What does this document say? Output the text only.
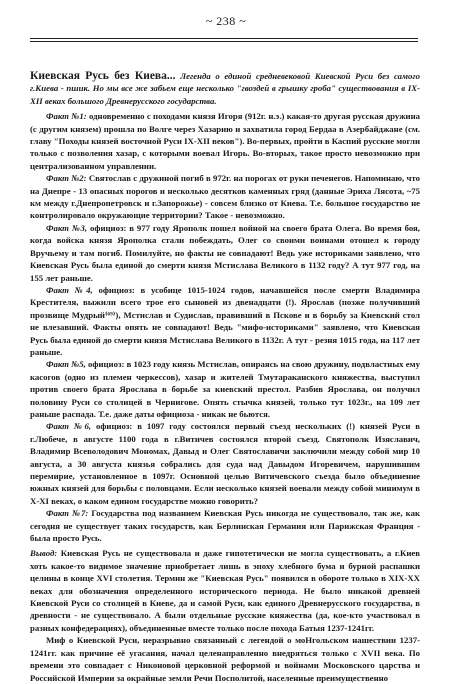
~ 238 ~

Киевская Русь без Киева... Легенда о единой средневековой Киевской Руси без самого г.Киева - пшик. Но мы все же забьем еще несколько "гвоздей в грышку гроба" существования в IX-XII веках большого Древнерусского государства.

Факт №1: одновременно с походами князя Игоря (912г. н.э.) какая-то другая русская дружина (с другим князем) прошла по Волге через Хазарию и захватила город Бердаа в Азербайджане (см. главу "Походы князей восточной Руси IX-XII веков"). Во-первых, пройти в Каспий русские могли только с позволения хазар, с которыми воевал Игорь. Во-вторых, такое просто невозможно при централизованном управлении.

Факт №2: Святослав с дружиной погиб в 972г. на порогах от руки печенегов. Напоминаю, что на Днепре - 13 опасных порогов и несколько десятков каменных гряд (данные Эриха Лясота, ~75 км между г.Днепропетровск и г.Запорожье) - совсем близко от Киева. Т.е. большое государство не контролировало окружающие территории? Такое - невозможно.

Факт №3, официоз: в 977 году Ярополк пошел войной на своего брата Олега. Во время боя, когда войска князя Ярополка стали побеждать, Олег со своими воинами отошел к городу Вручьему и там погиб. Помилуйте, но факты не совпадают! Ведь уже историками заявлено, что Киевская Русь была единой до смерти князя Мстислава Великого в 1132 году? А тут 977 год, на 155 лет раньше.

Факт №4, официоз: в усобице 1015-1024 годов, начавшейся после смерти Владимира Крестителя, выжили всего трое его сыновей из двенадцати (!). Ярослав (позже получивший прозвище Мудрый⁽⁶⁹⁾), Мстислав и Судислав, правивший в Пскове и в борьбу за Киевский стол не влезавший. Факты опять не совпадают! Ведь "мифо-историками" заявлено, что Киевская Русь была единой до смерти князя Мстислава Великого в 1132г. А тут - резня 1015 года, на 117 лет раньше.

Факт №5, официоз: в 1023 году князь Мстислав, опираясь на свою дружину, подвластных ему касогов (одно из племен черкессов), хазар и жителей Тмутараканского княжества, выступил против своего брата Ярослава в борьбе за киевский престол. Разбив Ярослава, он получил половину Руси со столицей в Чернигове. Опять стычка князей, только тут 1023г., на 109 лет раньше распада. Т.е. даже даты официоза - никак не бьются.

Факт №6, официоз: в 1097 году состоялся первый съезд нескольких (!) князей Руси в г.Любече, в августе 1100 года в г.Витичев состоялся второй съезд. Святополк Изяславич, Владимир Всеволодович Мономах, Давыд и Олег Святославичи заключили между собой мир 10 августа, а 30 августа князья собрались для суда над Давыдом Игоревичем, нарушившим перемирие, установленное в 1097г. Основной целью Витичевского съезда было объединение южных князей для борьбы с половцами. Если несколько князей воевали между собой минимум в X-XI веках, о каком едином государстве можно говорить?

Факт №7: Государства под названием Киевская Русь никогда не существовало, так же, как сегодня не существует таких государств, как Берлинская Германия или Парижская Франция - была просто Русь.

Вывод: Киевская Русь не существовала и даже гипотетически не могла существовать, а г.Киев хоть какое-то видимое значение приобретает лишь в эпоху хлебного бума и бурной распашки целины в конце XVI столетия. Термин же "Киевская Русь" появился в обороте только в XIX-XX веках для обозначения определенного исторического периода. Не было никакой древней Киевской Руси со столицей в Киеве, да и самой Руси, как единого Древнерусского государства, в древности - не существовало. А были отдельные русские княжества (да, кое-кто участвовал в разных конфедерациях), объединенные вместе только после похода Батыя 1237-1241гг.

Миф о Киевской Руси, неразрывно связанный с легендой о моНгольском нашествии 1237-1241гг. как причине её угасания, начал целенаправленно внедряться только с XVII века. По времени это совпадает с Никоновой церковной реформой и войнами Московского царства и Российской Империи за окрайные земли Речи Посполитой, населенные преимущественно
